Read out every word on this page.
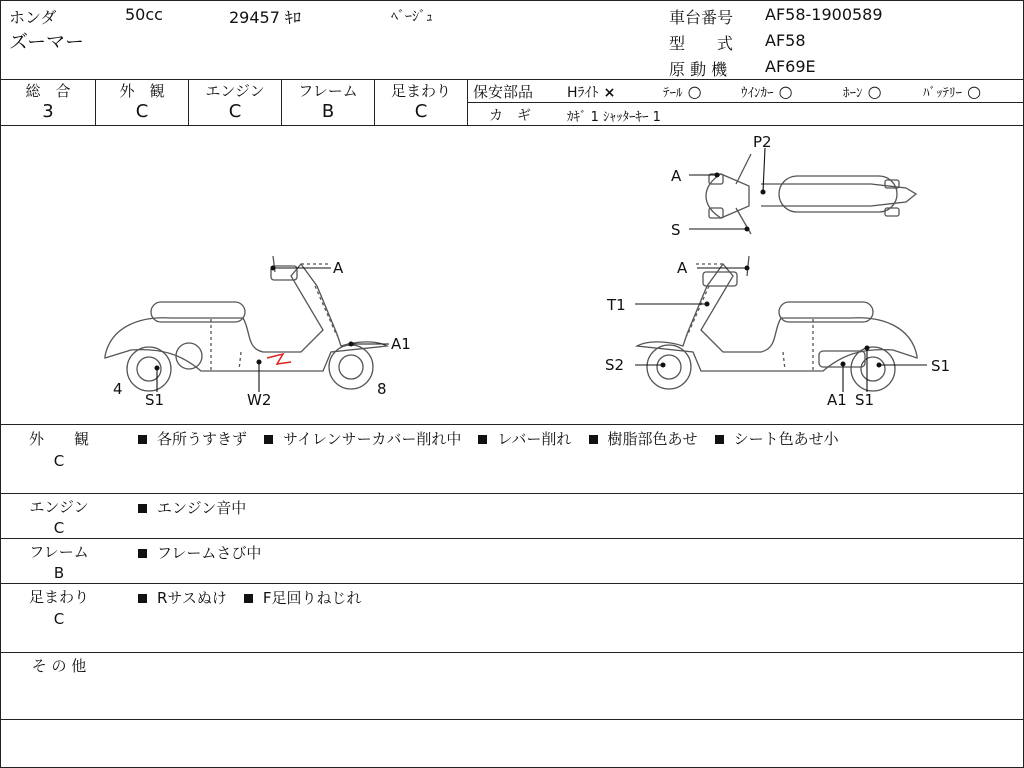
ホンダ	50cc	29457 ｷﾛ	ﾍﾞｰｼﾞｭ
ズーマー
車台番号 AF58-1900589
型　　式 AF58
原 動 機 AF69E
総　合
3
外　観
C
エンジン
C
フレーム
B
足まわり
C
保安部品 Hﾗｲﾄ ×	ﾃｰﾙ ○	ｳｲﾝｶｰ ○	ﾎｰﾝ ○	ﾊﾞｯﾃﾘｰ ○
カ　ギ	ｶｷﾞ 1 ｼｬｯﾀｰｷｰ 1
A
A1
4
S1	W2
8
A
T1
S2
A1 S1
S1
P2
A
S
外　　観
C
各所うすきず サイレンサーカバー削れ中 レバー削れ 樹脂部色あせ シート色あせ小
エンジン
C
エンジン音中
フレーム
B
フレームさび中
足まわり
C
Rサスぬけ F足回りねじれ
そ の 他
